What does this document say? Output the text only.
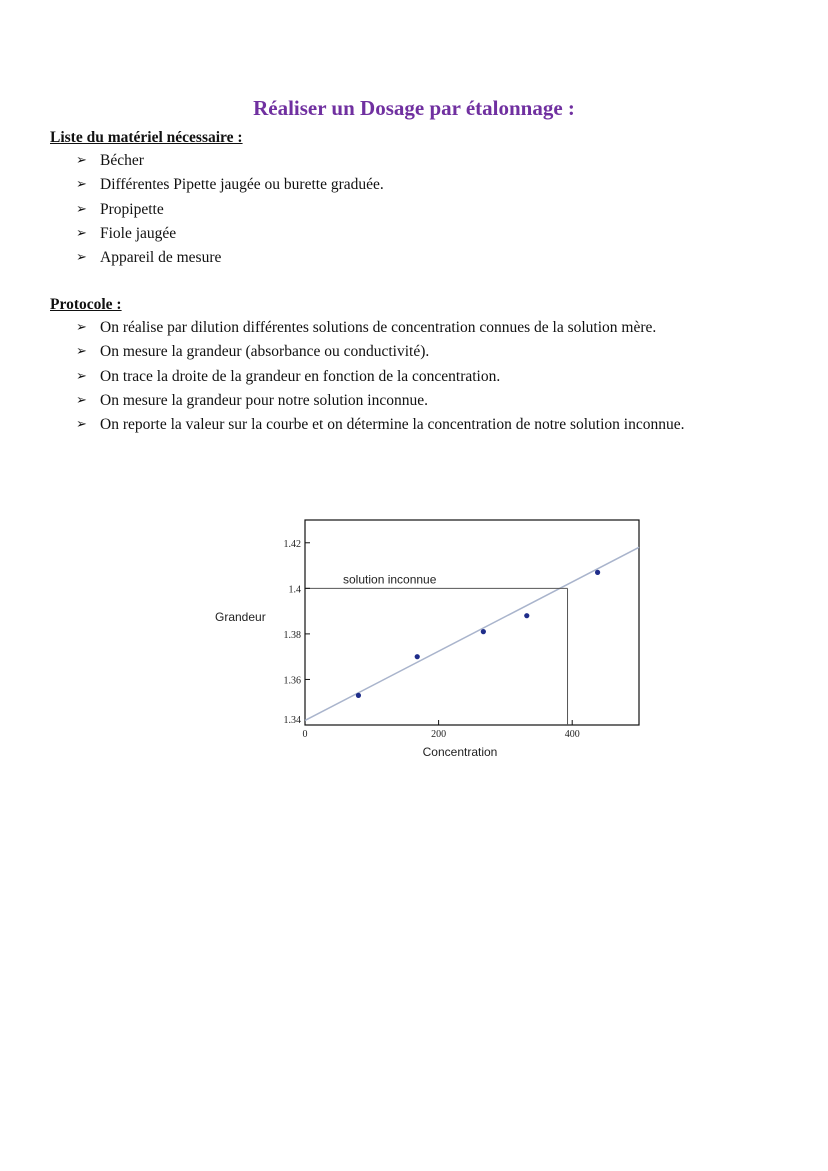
Réaliser un Dosage par étalonnage :
Liste du matériel nécessaire :
➢ Bécher
➢ Différentes Pipette jaugée ou burette graduée.
➢ Propipette
➢ Fiole jaugée
➢ Appareil de mesure
Protocole :
➢ On réalise par dilution différentes solutions de concentration connues de la solution mère.
➢ On mesure la grandeur (absorbance ou conductivité).
➢ On trace la droite de la grandeur en fonction de la concentration.
➢ On mesure la grandeur pour notre solution inconnue.
➢ On reporte la valeur sur la courbe et on détermine la concentration de notre solution inconnue.
solution inconnue
1.34
1.36
1.38
1.4
1.42
0	200	400
Grandeur
Concentration
